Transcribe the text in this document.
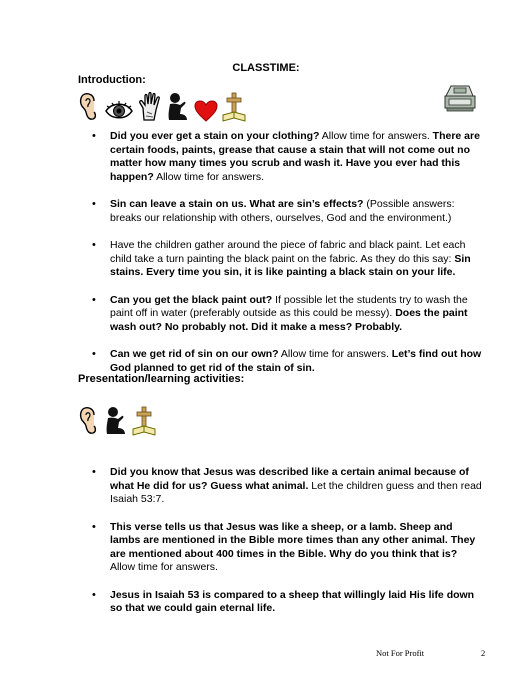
CLASSTIME:
Introduction:
• Did you ever get a stain on your clothing? Allow time for answers. There are certain foods, paints, grease that cause a stain that will not come out no matter how many times you scrub and wash it. Have you ever had this happen? Allow time for answers.
• Sin can leave a stain on us. What are sin’s effects? (Possible answers: breaks our relationship with others, ourselves, God and the environment.)
• Have the children gather around the piece of fabric and black paint. Let each child take a turn painting the black paint on the fabric. As they do this say: Sin stains. Every time you sin, it is like painting a black stain on your life.
• Can you get the black paint out? If possible let the students try to wash the paint off in water (preferably outside as this could be messy). Does the paint wash out? No probably not. Did it make a mess? Probably.
• Can we get rid of sin on our own? Allow time for answers. Let’s find out how God planned to get rid of the stain of sin.
Presentation/learning activities:
• Did you know that Jesus was described like a certain animal because of what He did for us? Guess what animal. Let the children guess and then read Isaiah 53:7.
• This verse tells us that Jesus was like a sheep, or a lamb. Sheep and lambs are mentioned in the Bible more times than any other animal. They are mentioned about 400 times in the Bible. Why do you think that is? Allow time for answers.
• Jesus in Isaiah 53 is compared to a sheep that willingly laid His life down so that we could gain eternal life.
Not For Profit	2
